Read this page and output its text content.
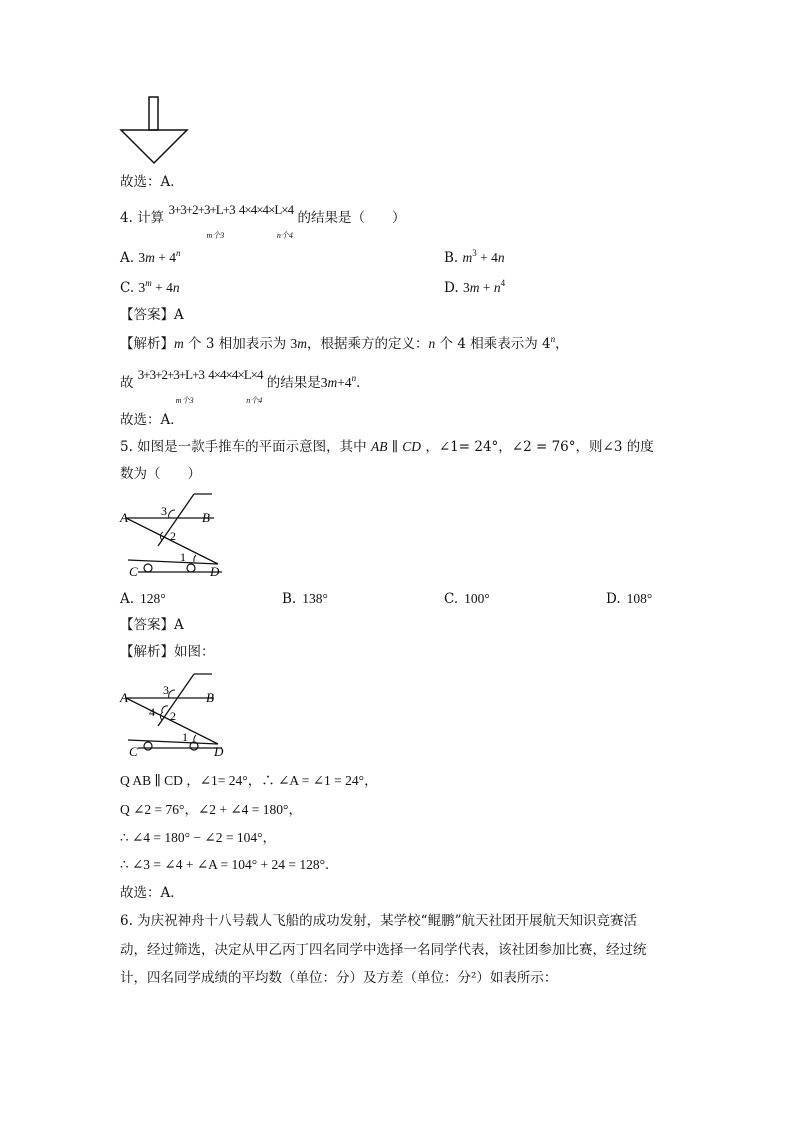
故选：A．
4. 计算 3+3+2+3+L+3
m个3
4×4×4×L×4
n个4
的结果是（　　）
A. $3m + 4^n$	B. $m^3 + 4n$
C. $3^m + 4n$	D. $3m + n^4$
【答案】A
【解析】m 个 3 相加表示为 3m，根据乘方的定义：n 个 4 相乘表示为 4$^n$，
故 3+3+2+3+L+3
m个3
4×4×4×L×4
n个4
的结果是$3m+4^n$．
故选：A．
5. 如图是一款手推车的平面示意图，其中 AB ∥ CD ，∠1= 24°，∠2 = 76°，则∠3 的度
数为（　　）
A	B
C	D
3
2
1
A. 128°	B. 138°	C. 100°	D. 108°
【答案】A
【解析】如图：
A	B
C	D
3
4 2
1
Q AB ∥ CD ，∠1= 24°，∴ ∠A = ∠1 = 24°，
Q ∠2 = 76°，∠2 + ∠4 = 180°，
∴ ∠4 = 180° − ∠2 = 104°，
∴ ∠3 = ∠4 + ∠A = 104° + 24 = 128°．
故选：A．
6. 为庆祝神舟十八号载人飞船的成功发射，某学校“鲲鹏”航天社团开展航天知识竞赛活
动，经过筛选，决定从甲乙丙丁四名同学中选择一名同学代表，该社团参加比赛，经过统
计，四名同学成绩的平均数（单位：分）及方差（单位：分²）如表所示：
